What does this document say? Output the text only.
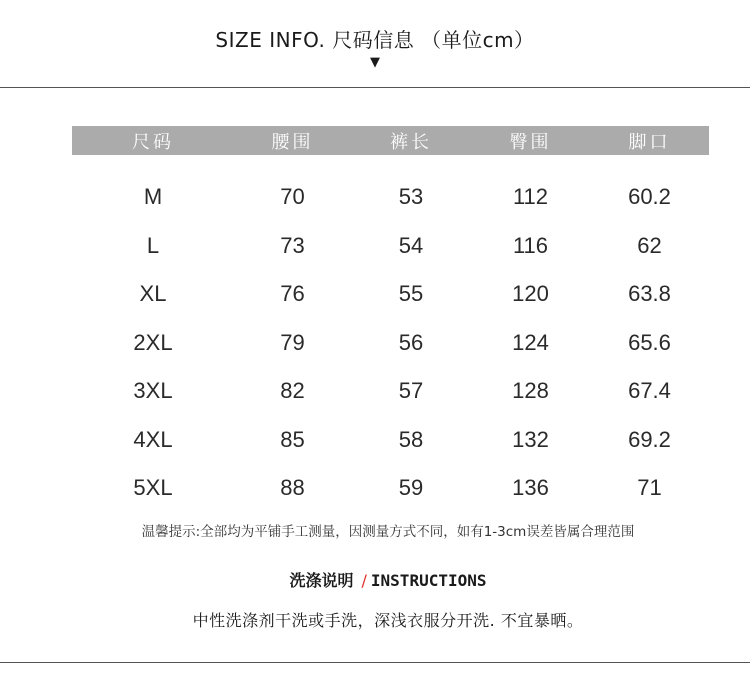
SIZE INFO. 尺码信息 （单位cm）
▼
尺码	腰围	裤长	臀围	脚口
M	70	53	112	60.2
L	73	54	116	62
XL	76	55	120	63.8
2XL	79	56	124	65.6
3XL	82	57	128	67.4
4XL	85	58	132	69.2
5XL	88	59	136	71
温馨提示:全部均为平铺手工测量，因测量方式不同，如有1-3cm误差皆属合理范围
洗涤说明 / INSTRUCTIONS
中性洗涤剂干洗或手洗，深浅衣服分开洗. 不宜暴晒。
